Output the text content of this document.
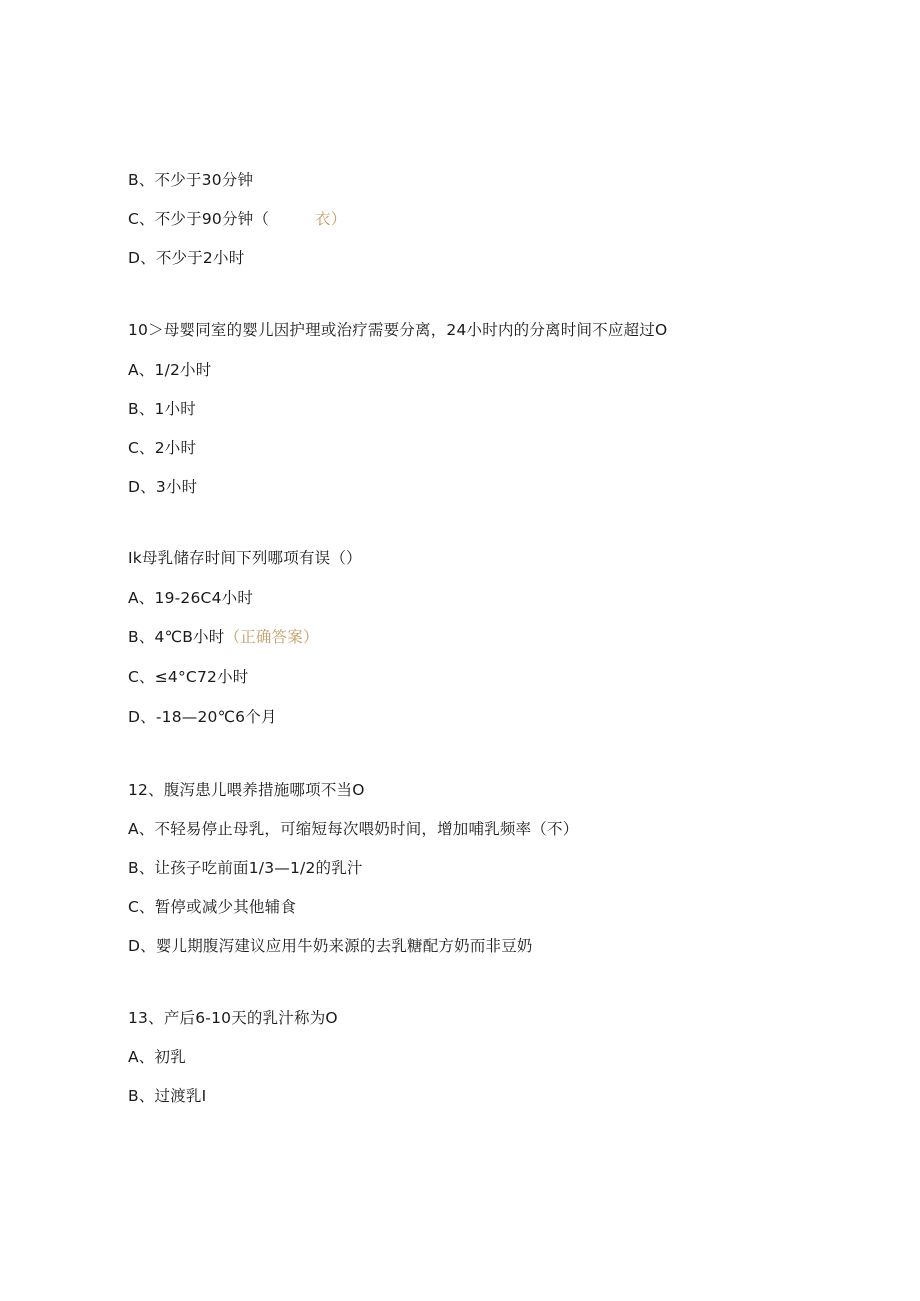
B、不少于30分钟
C、不少于90分钟（	衣）
D、不少于2小时
10＞母婴同室的婴儿因护理或治疗需要分离，24小时内的分离时间不应超过O
A、1/2小时
B、1小时
C、2小时
D、3小时
Ik母乳储存时间下列哪项有误（）
A、19-26C4小时
B、4℃B小时（正确答案）
C、≤4°C72小时
D、-18—20℃6个月
12、腹泻患儿喂养措施哪项不当O
A、不轻易停止母乳，可缩短每次喂奶时间，增加哺乳频率（不）
B、让孩子吃前面1/3—1/2的乳汁
C、暂停或减少其他辅食
D、婴儿期腹泻建议应用牛奶来源的去乳糖配方奶而非豆奶
13、产后6-10天的乳汁称为O
A、初乳
B、过渡乳I
